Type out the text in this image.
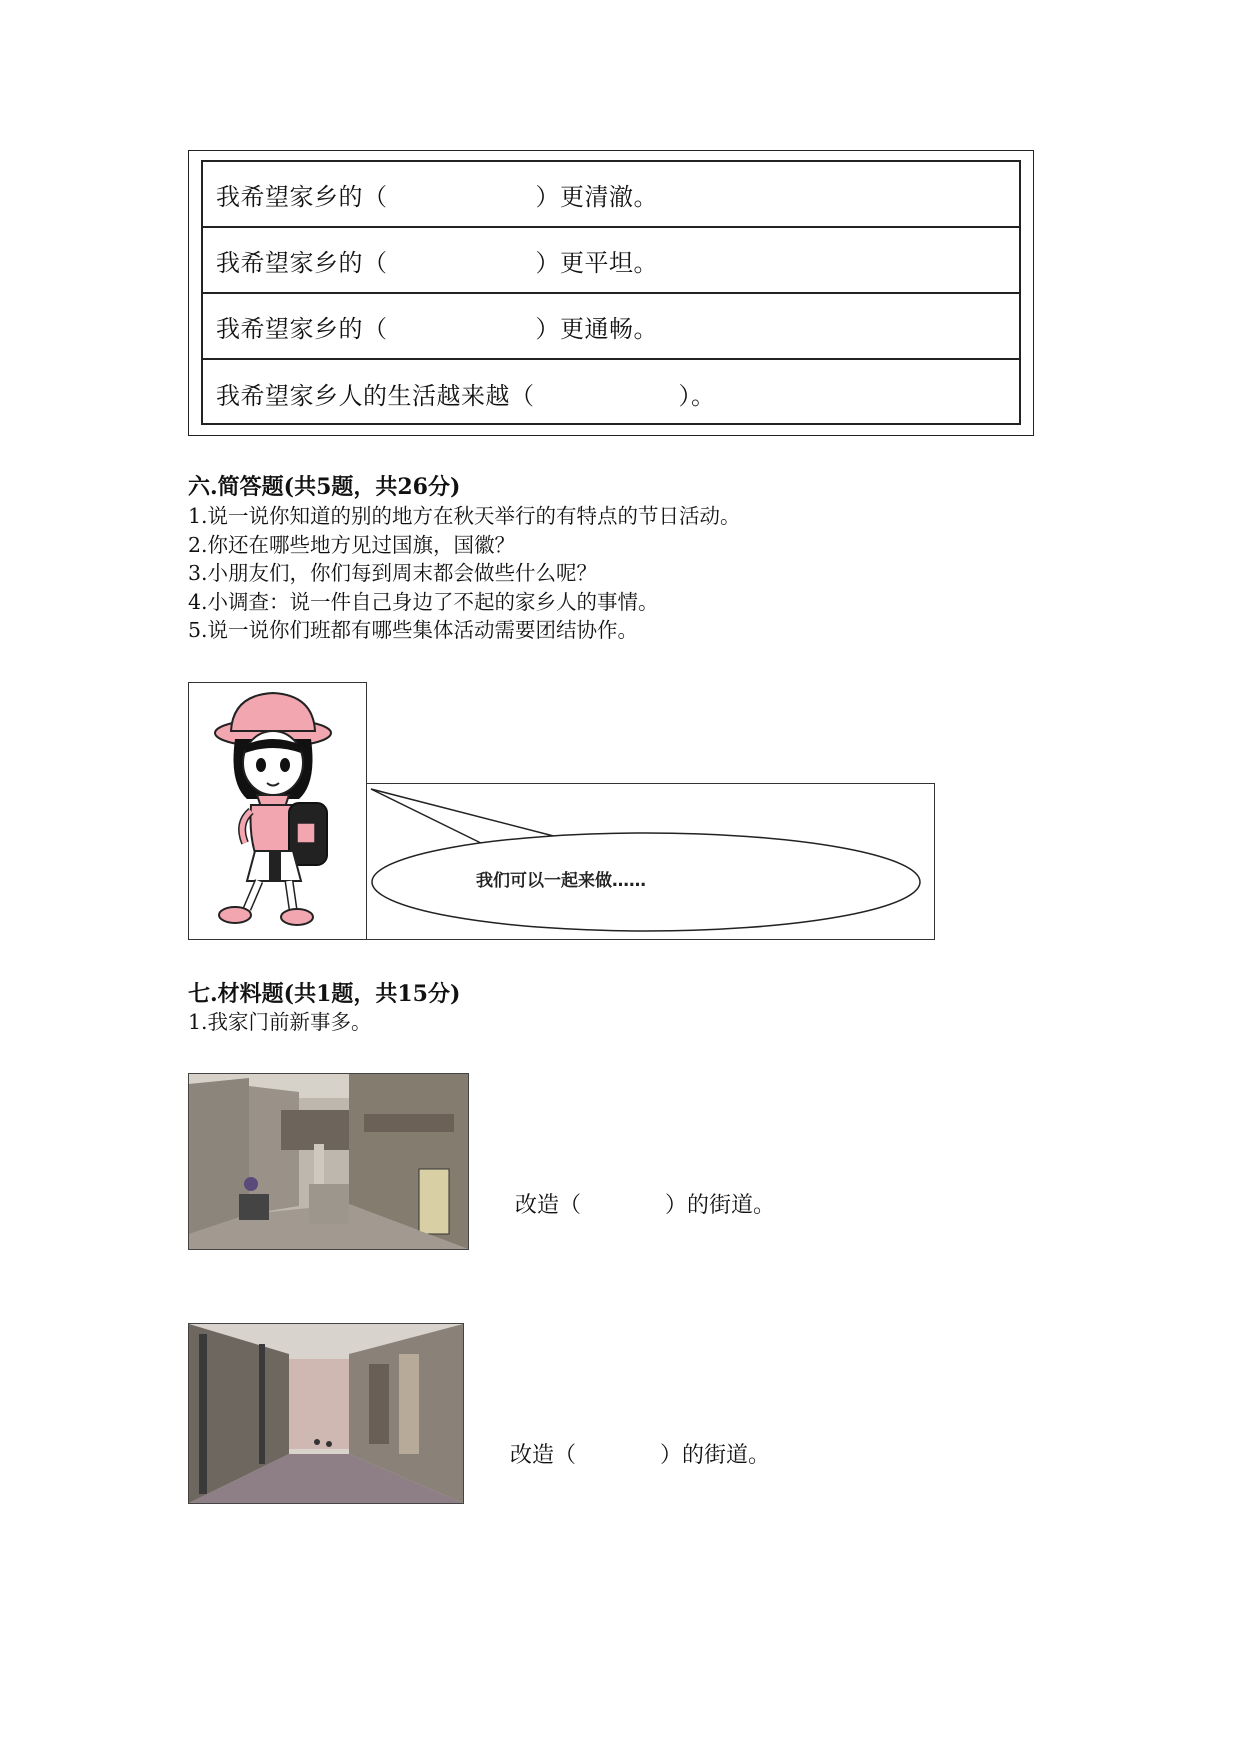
我希望家乡的（	）更清澈。
我希望家乡的（	）更平坦。
我希望家乡的（	）更通畅。
我希望家乡人的生活越来越（	）。
六.简答题(共5题，共26分)
1.说一说你知道的别的地方在秋天举行的有特点的节日活动。
2.你还在哪些地方见过国旗，国徽？
3.小朋友们，你们每到周末都会做些什么呢？
4.小调查：说一件自己身边了不起的家乡人的事情。
5.说一说你们班都有哪些集体活动需要团结协作。
我们可以一起来做……
七.材料题(共1题，共15分)
1.我家门前新事多。
改造（	）的街道。
改造（	）的街道。
